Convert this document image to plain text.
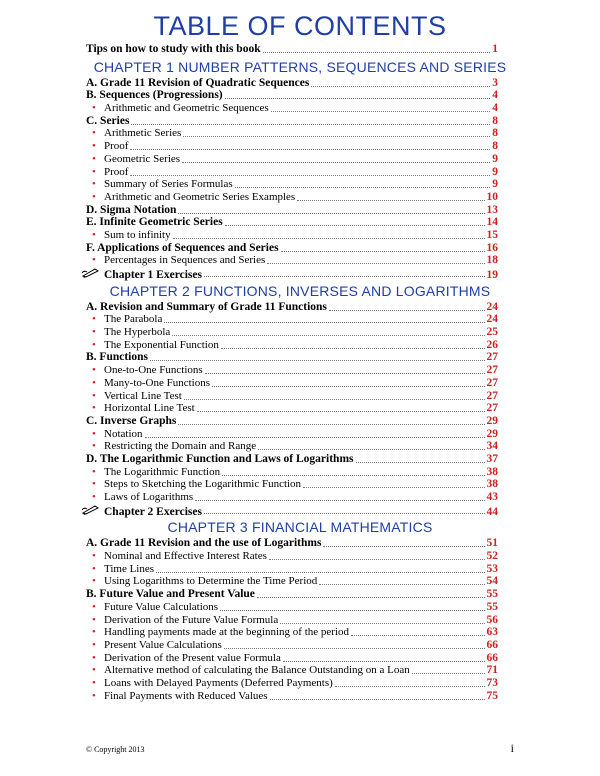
TABLE OF CONTENTS
Tips on how to study with this book	1
CHAPTER 1 NUMBER PATTERNS, SEQUENCES AND SERIES
A. Grade 11 Revision of Quadratic Sequences	3
B. Sequences (Progressions)	4
• Arithmetic and Geometric Sequences	4
C. Series	8
• Arithmetic Series	8
• Proof	8
• Geometric Series	9
• Proof	9
• Summary of Series Formulas	9
• Arithmetic and Geometric Series Examples	10
D. Sigma Notation	13
E. Infinite Geometric Series	14
• Sum to infinity	15
F. Applications of Sequences and Series	16
• Percentages in Sequences and Series	18
Chapter 1 Exercises	19
CHAPTER 2 FUNCTIONS, INVERSES AND LOGARITHMS
A. Revision and Summary of Grade 11 Functions	24
• The Parabola	24
• The Hyperbola	25
• The Exponential Function	26
B. Functions	27
• One-to-One Functions	27
• Many-to-One Functions	27
• Vertical Line Test	27
• Horizontal Line Test	27
C. Inverse Graphs	29
• Notation	29
• Restricting the Domain and Range	34
D. The Logarithmic Function and Laws of Logarithms	37
• The Logarithmic Function	38
• Steps to Sketching the Logarithmic Function	38
• Laws of Logarithms	43
Chapter 2 Exercises	44
CHAPTER 3 FINANCIAL MATHEMATICS
A. Grade 11 Revision and the use of Logarithms	51
• Nominal and Effective Interest Rates	52
• Time Lines	53
• Using Logarithms to Determine the Time Period	54
B. Future Value and Present Value	55
• Future Value Calculations	55
• Derivation of the Future Value Formula	56
• Handling payments made at the beginning of the period	63
• Present Value Calculations	66
• Derivation of the Present value Formula	66
• Alternative method of calculating the Balance Outstanding on a Loan	71
• Loans with Delayed Payments (Deferred Payments)	73
• Final Payments with Reduced Values	75
© Copyright 2013	i
